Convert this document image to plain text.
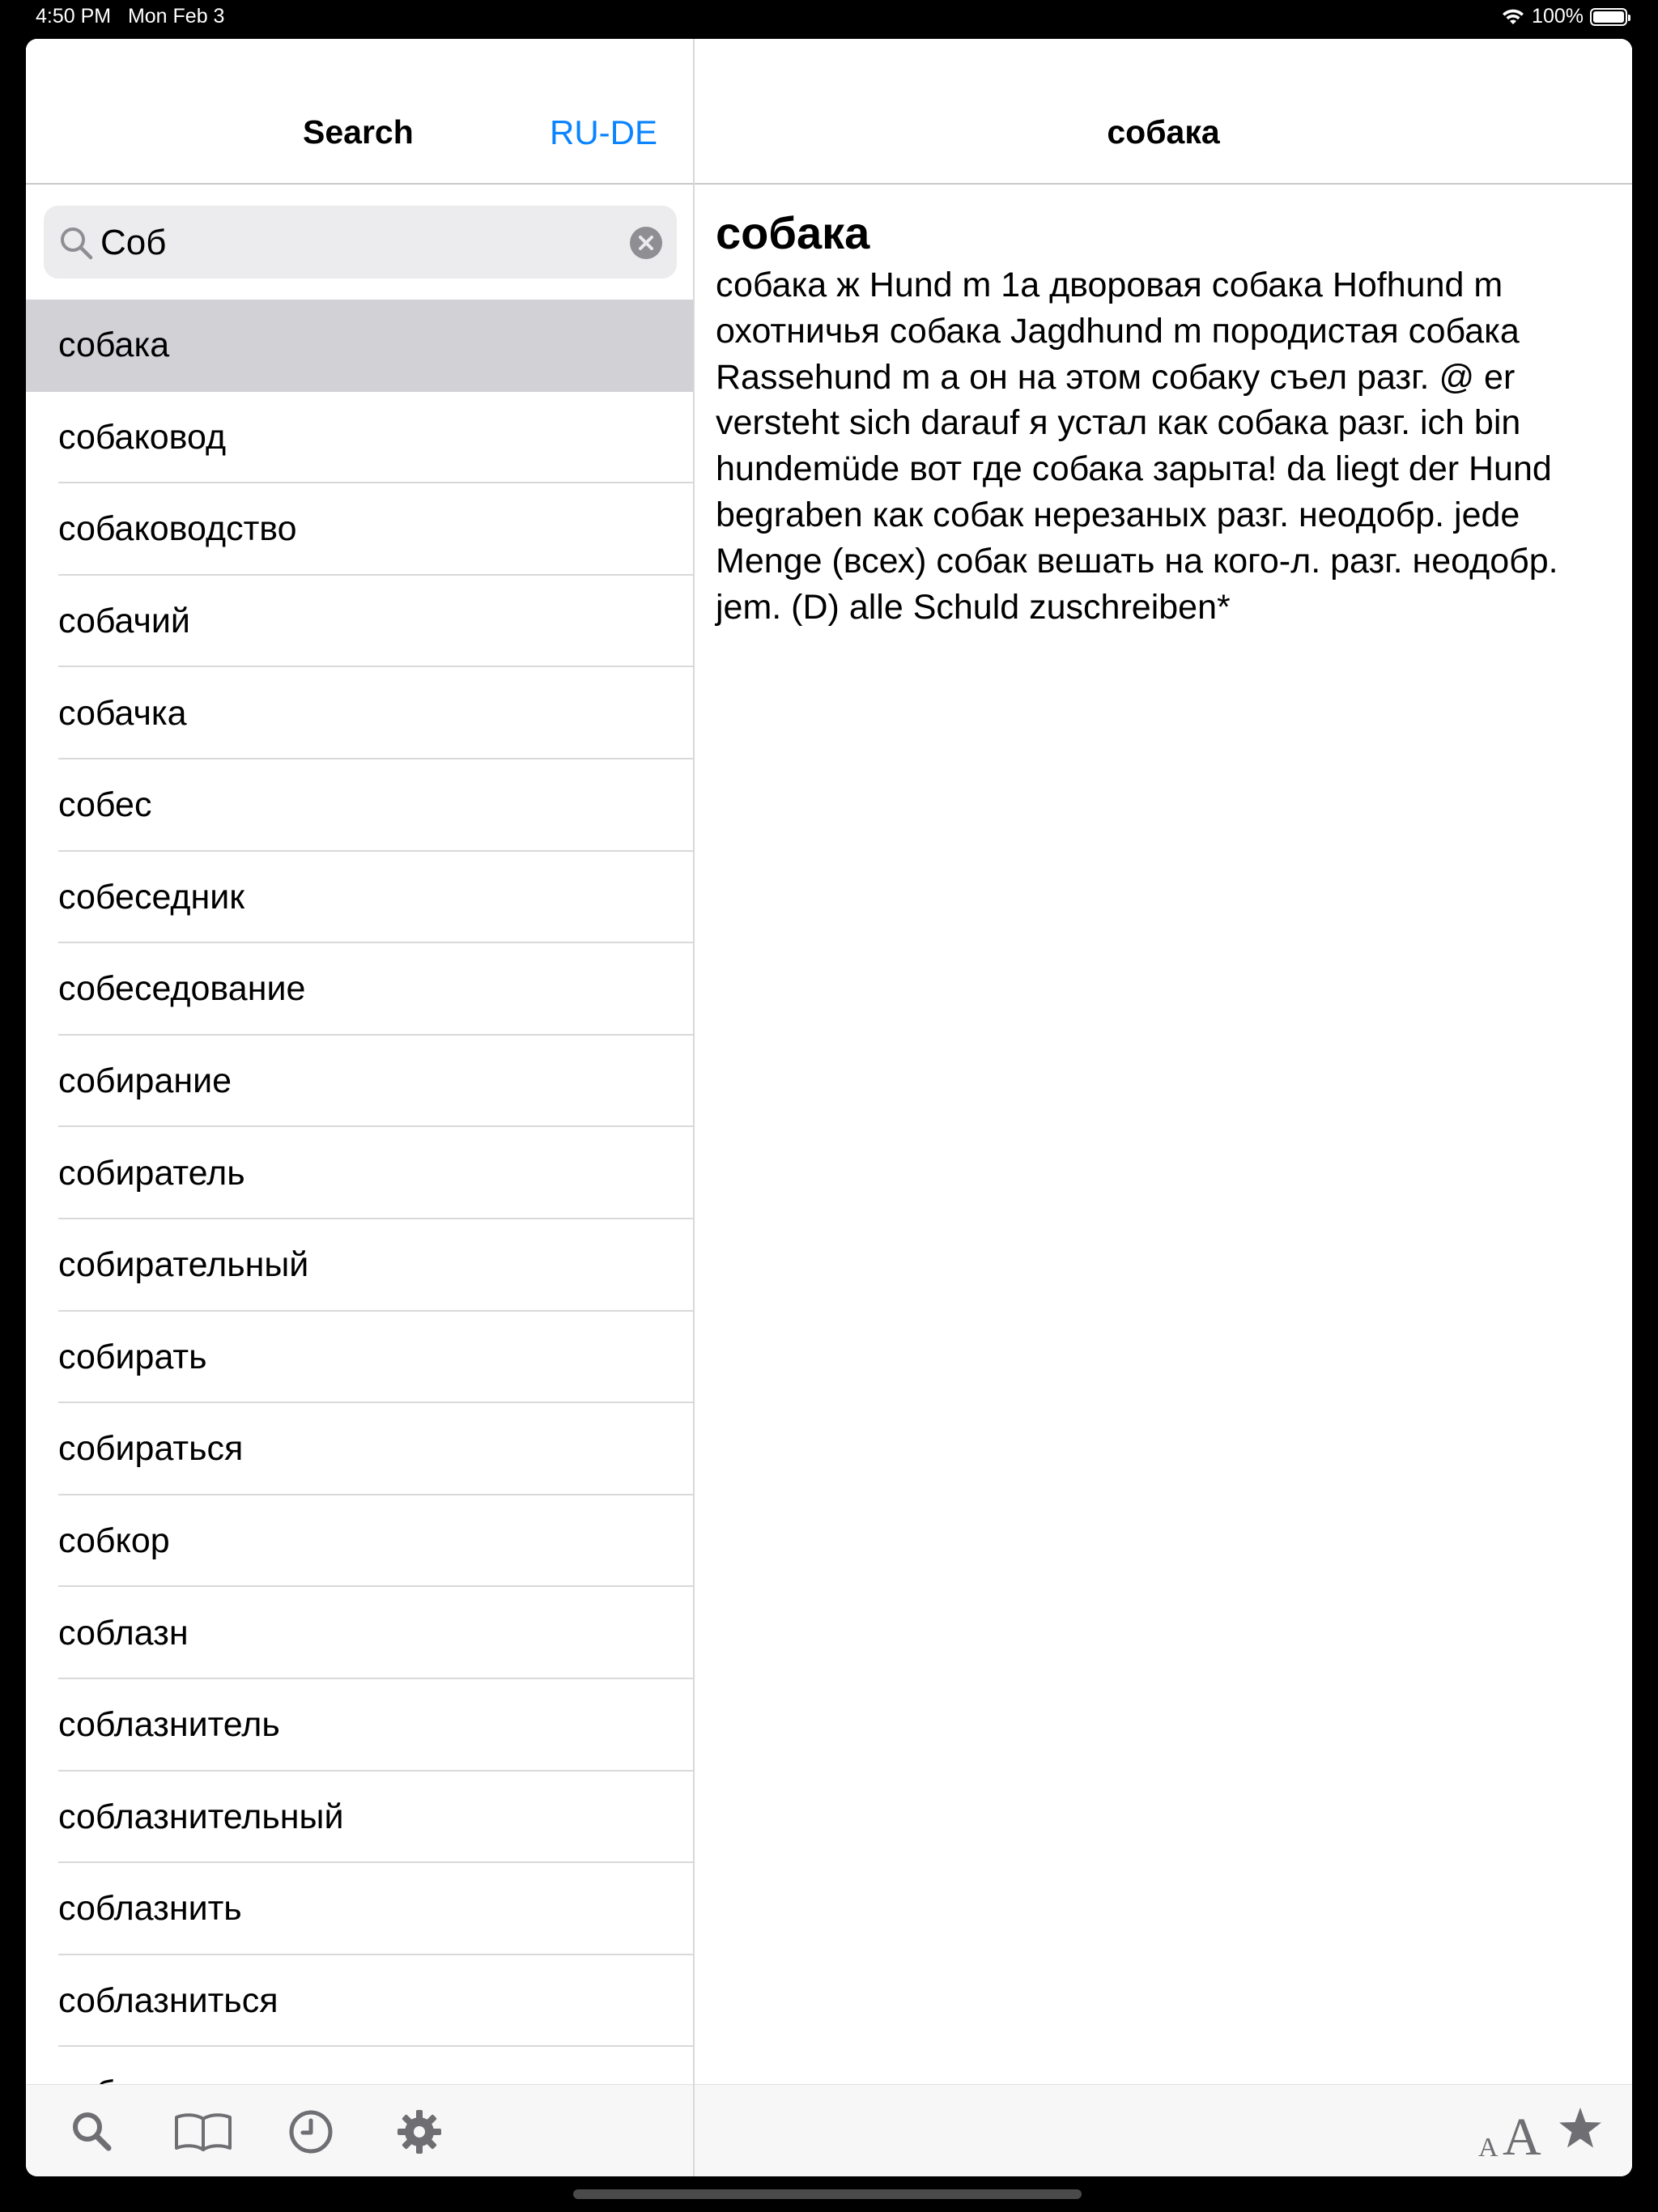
4:50 PM Mon Feb 3	100%
Search	RU-DE
Соб
собака
собаковод
собаководство
собачий
собачка
собес
собеседник
собеседование
собирание
собиратель
собирательный
собирать
собираться
собкор
соблазн
соблазнитель
соблазнительный
соблазнить
соблазниться
собака

собака

собака ж Hund m 1a дворовая собака Hofhund m охотничья собака Jagdhund m породистая собака Rassehund m а он на этом собаку съел разг. @ er versteht sich darauf я устал как собака разг. ich bin hundemüde вот где собака зарыта! da liegt der Hund begraben как собак нерезаных разг. неодобр. jede Menge (всех) собак вешать на кого-л. разг. неодобр. jem. (D) alle Schuld zuschreiben*

A A
